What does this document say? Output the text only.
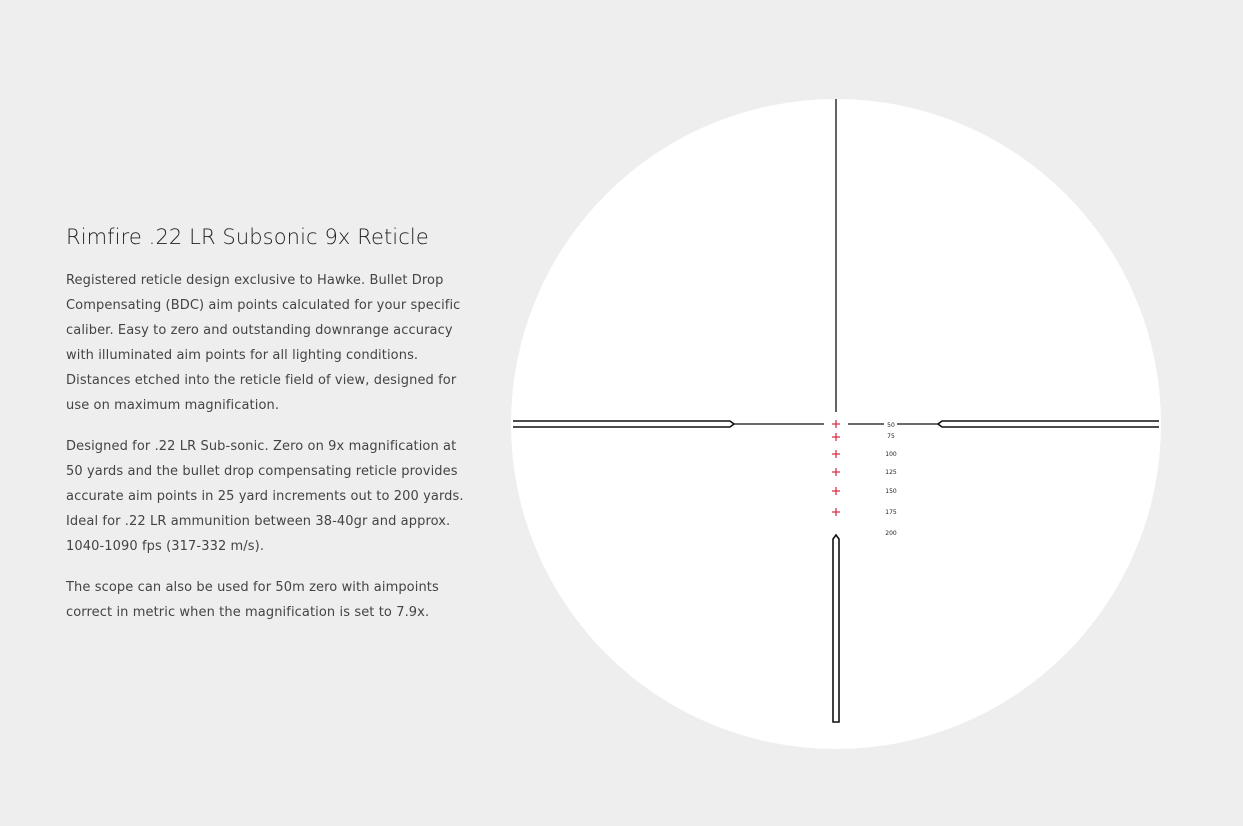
Rimfire .22 LR Subsonic 9x Reticle

Registered reticle design exclusive to Hawke. Bullet Drop Compensating (BDC) aim points calculated for your specific caliber. Easy to zero and outstanding downrange accuracy with illuminated aim points for all lighting conditions. Distances etched into the reticle field of view, designed for use on maximum magnification.

Designed for .22 LR Sub-sonic. Zero on 9x magnification at 50 yards and the bullet drop compensating reticle provides accurate aim points in 25 yard increments out to 200 yards. Ideal for .22 LR ammunition between 38-40gr and approx. 1040-1090 fps (317-332 m/s).

The scope can also be used for 50m zero with aimpoints correct in metric when the magnification is set to 7.9x.

50
75
100
125
150
175
200
